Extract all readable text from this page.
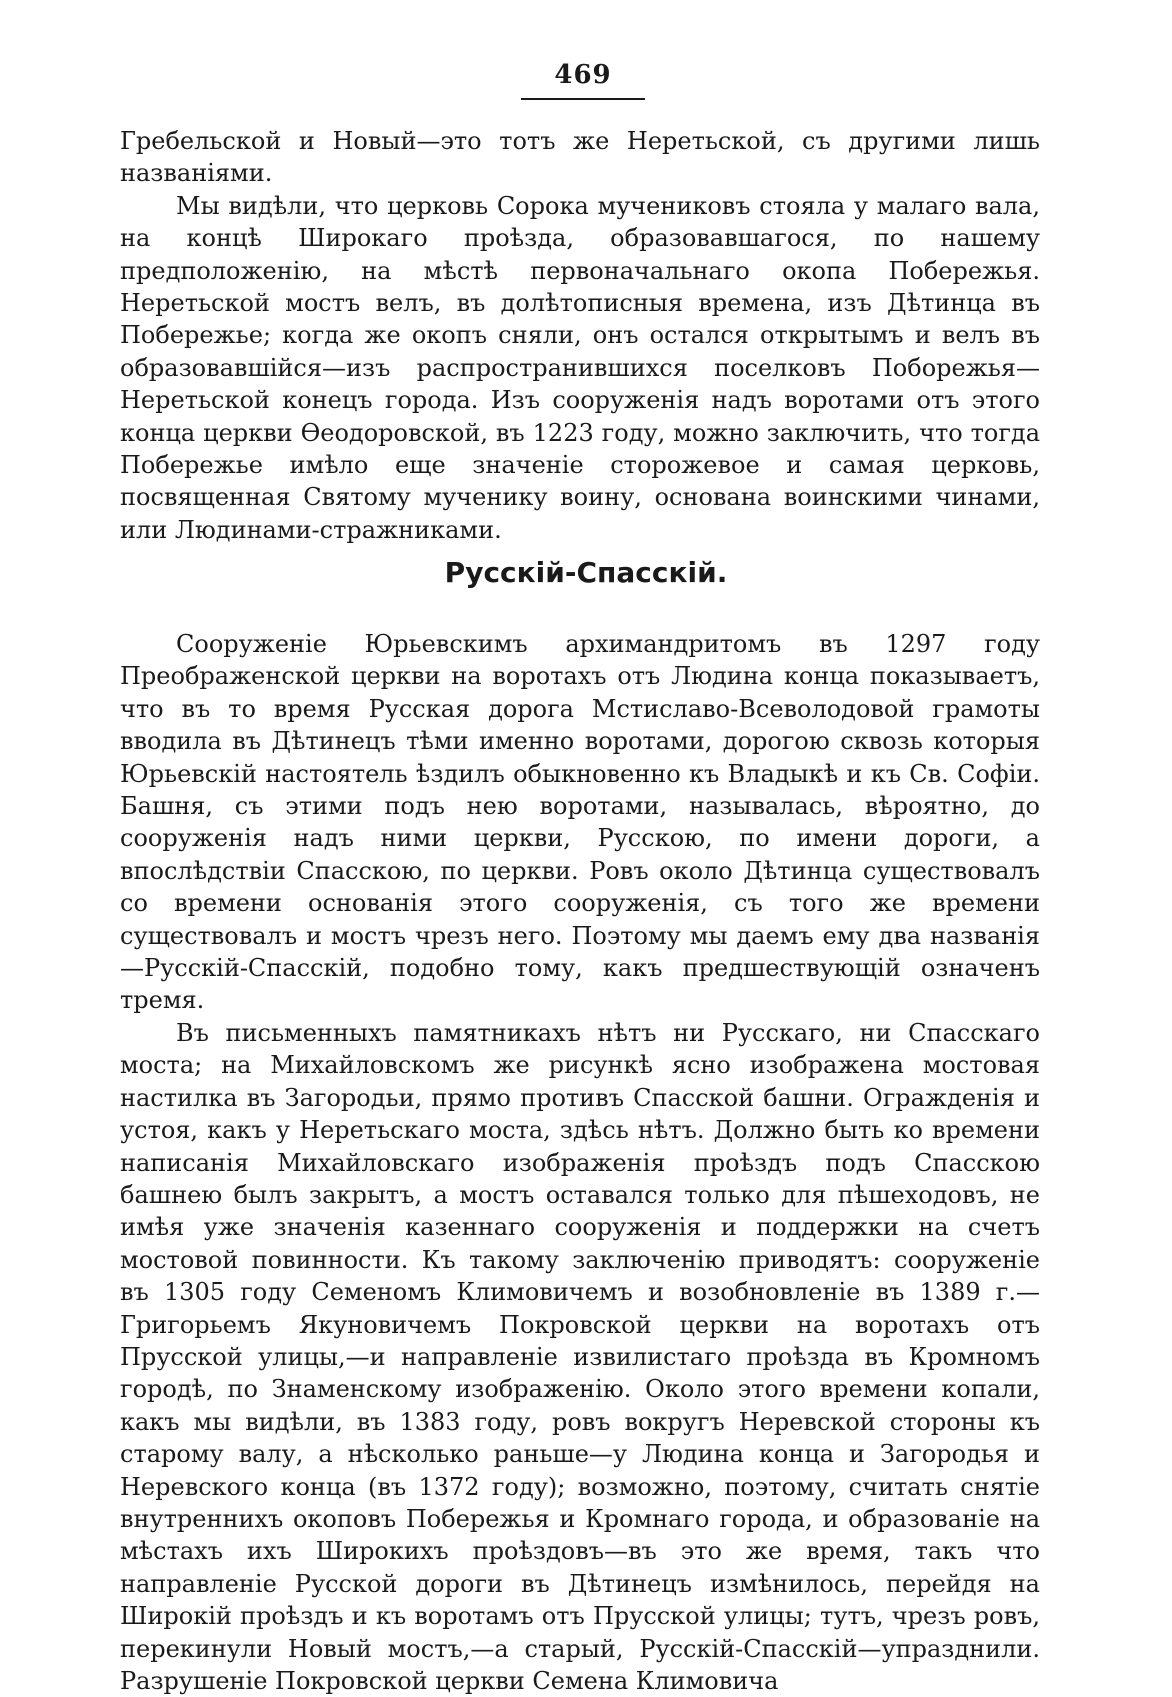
469

Гребельской и Новый—это тотъ же Неретьской, съ другими лишь названіями.

Мы видѣли, что церковь Сорока мучениковъ стояла у малаго вала, на концѣ Широкаго проѣзда, образовавшагося, по нашему предположенію, на мѣстѣ первоначальнаго окопа Побережья. Неретьской мостъ велъ, въ долѣтописныя времена, изъ Дѣтинца въ Побережье; когда же окопъ сняли, онъ остался открытымъ и велъ въ образовавшійся—изъ распространившихся поселковъ Поборежья—Неретьской конецъ города. Изъ сооруженія надъ воротами отъ этого конца церкви Ѳеодоровской, въ 1223 году, можно заключить, что тогда Побережье имѣло еще значеніе сторожевое и самая церковь, посвященная Святому мученику воину, основана воинскими чинами, или Людинами-стражниками.

Русскій-Спасскій.

Сооруженіе Юрьевскимъ архимандритомъ въ 1297 году Преображенской церкви на воротахъ отъ Людина конца показываетъ, что въ то время Русская дорога Мстиславо-Всеволодовой грамоты вводила въ Дѣтинецъ тѣми именно воротами, дорогою сквозь которыя Юрьевскій настоятель ѣздилъ обыкновенно къ Владыкѣ и къ Св. Софіи. Башня, съ этими подъ нею воротами, называлась, вѣроятно, до сооруженія надъ ними церкви, Русскою, по имени дороги, а впослѣдствіи Спасскою, по церкви. Ровъ около Дѣтинца существовалъ со времени основанія этого сооруженія, съ того же времени существовалъ и мостъ чрезъ него. Поэтому мы даемъ ему два названія—Русскій-Спасскій, подобно тому, какъ предшествующій означенъ тремя.

Въ письменныхъ памятникахъ нѣтъ ни Русскаго, ни Спасскаго моста; на Михайловскомъ же рисункѣ ясно изображена мостовая настилка въ Загородьи, прямо противъ Спасской башни. Огражденія и устоя, какъ у Неретьскаго моста, здѣсь нѣтъ. Должно быть ко времени написанія Михайловскаго изображенія проѣздъ подъ Спасскою башнею былъ закрытъ, а мостъ оставался только для пѣшеходовъ, не имѣя уже значенія казеннаго сооруженія и поддержки на счетъ мостовой повинности. Къ такому заключенію приводятъ: сооруженіе въ 1305 году Семеномъ Климовичемъ и возобновленіе въ 1389 г.—Григорьемъ Якуновичемъ Покровской церкви на воротахъ отъ Прусской улицы,—и направленіе извилистаго проѣзда въ Кромномъ городѣ, по Знаменскому изображенію. Около этого времени копали, какъ мы видѣли, въ 1383 году, ровъ вокругъ Неревской стороны къ старому валу, а нѣсколько раньше—у Людина конца и Загородья и Неревского конца (въ 1372 году); возможно, поэтому, считать снятіе внутреннихъ окоповъ Побережья и Кромнаго города, и образованіе на мѣстахъ ихъ Широкихъ проѣздовъ—въ это же время, такъ что направленіе Русской дороги въ Дѣтинецъ измѣнилось, перейдя на Широкій проѣздъ и къ воротамъ отъ Прусской улицы; тутъ, чрезъ ровъ, перекинули Новый мостъ,—а старый, Русскій-Спасскій—упразднили. Разрушеніе Покровской церкви Семена Климовича
